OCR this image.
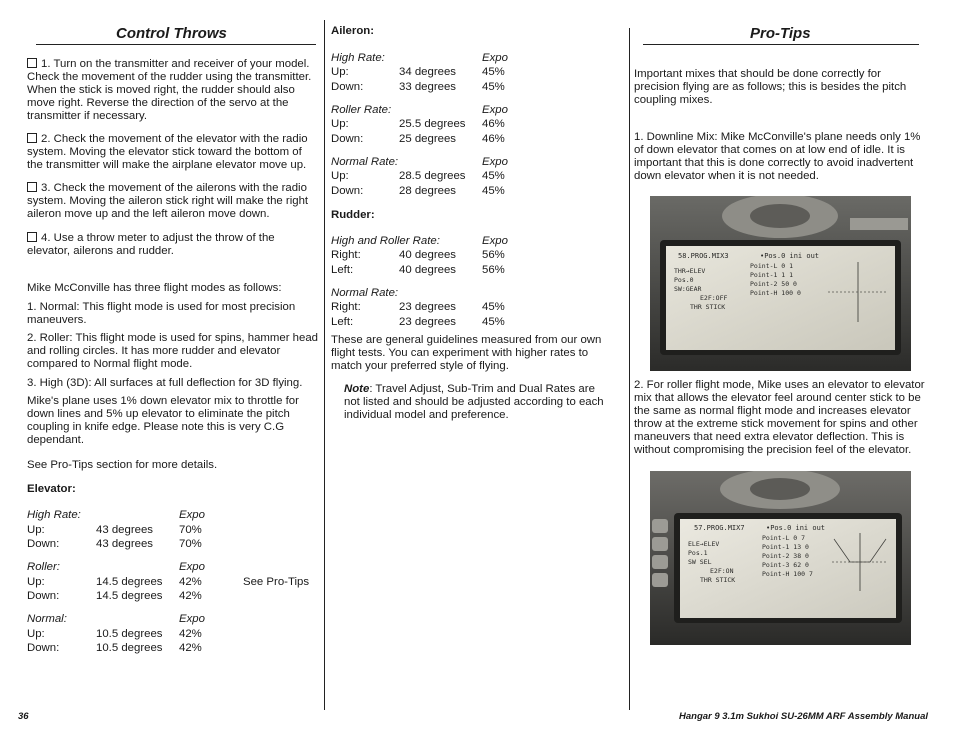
Control Throws

1. Turn on the transmitter and receiver of your model. Check the movement of the rudder using the transmitter. When the stick is moved right, the rudder should also move right. Reverse the direction of the servo at the transmitter if necessary.

2. Check the movement of the elevator with the radio system. Moving the elevator stick toward the bottom of the transmitter will make the airplane elevator move up.

3. Check the movement of the ailerons with the radio system. Moving the aileron stick right will make the right aileron move up and the left aileron move down.

4. Use a throw meter to adjust the throw of the elevator, ailerons and rudder.

Mike McConville has three flight modes as follows:

1. Normal: This flight mode is used for most precision maneuvers.

2. Roller: This flight mode is used for spins, hammer head and rolling circles. It has more rudder and elevator compared to Normal flight mode.

3. High (3D): All surfaces at full deflection for 3D flying.

Mike's plane uses 1% down elevator mix to throttle for down lines and 5% up elevator to eliminate the pitch coupling in knife edge. Please note this is very C.G dependant.

See Pro-Tips section for more details.

Elevator:

High Rate:	Expo
Up:	43 degrees 70%
Down:	43 degrees 70%
Roller:	Expo
Up:	14.5 degrees 42%	See Pro-Tips
Down:	14.5 degrees 42%
Normal:	Expo
Up:	10.5 degrees 42%
Down:	10.5 degrees 42%

Aileron:

High Rate:	Expo
Up:	34 degrees 45%
Down:	33 degrees 45%
Roller Rate:	Expo
Up:	25.5 degrees 46%
Down:	25 degrees 46%
Normal Rate:	Expo
Up:	28.5 degrees 45%
Down:	28 degrees 45%

Rudder:

High and Roller Rate:	Expo
Right:	40 degrees 56%
Left:	40 degrees 56%
Normal Rate:
Right:	23 degrees 45%
Left:	23 degrees 45%

These are general guidelines measured from our own flight tests. You can experiment with higher rates to match your preferred style of flying.

Note: Travel Adjust, Sub-Trim and Dual Rates are not listed and should be adjusted according to each individual model and preference.

Pro-Tips

Important mixes that should be done correctly for precision flying are as follows; this is besides the pitch coupling mixes.

1. Downline Mix: Mike McConville's plane needs only 1% of down elevator that comes on at low end of idle. It is important that this is done correctly to avoid inadvertent down elevator when it is not needed.

58.PROG.MIX3	•Pos.0 ini out
THR→ELEV
Pos.0
Point-L 0 1
Point-1 1 1
Point-2 50 0
SW:GEAR	Point-H 100 0
E2F:OFF
THR STICK

2. For roller flight mode, Mike uses an elevator to elevator mix that allows the elevator feel around center stick to be the same as normal flight mode and increases elevator throw at the extreme stick movement for spins and other maneuvers that need extra elevator deflection. This is without compromising the precision feel of the elevator.

57.PROG.MIX7	•Pos.0 ini out
ELE→ELEV
Pos.1
Point-L 0 7
Point-1 13 0
Point-2 38 0
SW SEL	Point-3 62 0
E2F:ON	Point-H 100 7
THR STICK
36	Hangar 9 3.1m Sukhoi SU-26MM ARF Assembly Manual
